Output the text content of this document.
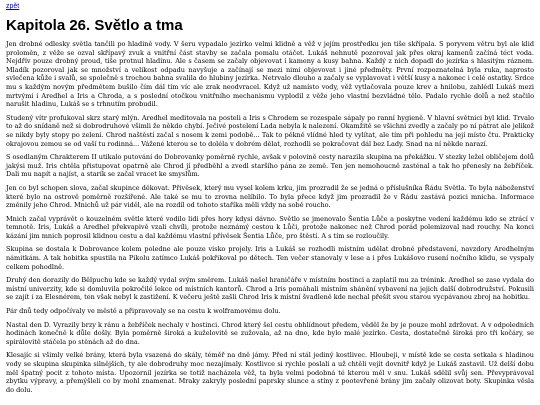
zpět
Kapitola 26. Světlo a tma

Jen drobné odlesky světla tančili po hladině vody. V šeru vypadalo jezírko velmi klidně a věž v jejím prostředku jen tiše skřípala. S poryvem větru byl ale klid proloměn, z věže se ozval skřípavý zvuk a vnitřní část stavby se začala pomalu otáčet. Lukáš nehnutě pozoroval jak přes okraj kamenů začíná téct voda. Nejdřív pouze drobný proud, tiše protnul hladinu. Ale s časem se začaly objevovat i kameny a kusy bahna. Každý z nich dopadl do jezírka s hlasitým ráznem. Mladík pozoroval jak se množství a velikost odpadu navyšuje a začínají se mezi nimi objevovat i jiné předměty. První rozpoznatelná byla ruka, naprosto svlečena kůže i svalů, se společně s trochou bahna svalila do hlubiny jezírka. Netrvalo dlouho a začaly se vyplavovat i větší kusy a nakonec i celé ostatky. Srdce mu s každým novým předmětem bušilo čím dál tím víc ale zrak neodvracel. Když už namísto vody, věž vytlačovala pouze krev a hnilobu, zahlédl Lukáš mezi mrtvými i Aredhel a Iris a Chroda, a s poslední otočkou vnitřního mechanismu vyplodil z věže jeho vlastní bezvládné tělo. Padalo rychle dolů a než stačilo narušit hladinu, Lukáš se s trhnutím probudil.

Studený vítr profukoval skrz starý mlýn. Aredhel meditovala na posteli a Iris s Chrodem se rozespale sápaly po ranní hygieně. V hlavní světnici byl klid. Trvalo to až do snídaně než si dobrodruhové všimli že někdo chybí. Ječivé postelení Lada nebyla k nalezení. Okamžitě se všichni zvedly a začaly po ní pátrat ale jelikož se nikdy byly stopy po zelení. Chrod naštěstí začal s nosem k zemi podobě... Tak to pěkně vlídné hled ty vylítat, ale tím při pohledu na její místo čtu. Prakticky okrajovou zemou se od vaší tu rodinná... Vážené kterou se to doléla v dobrém dělat, rozhodli se pokračovat dál bez Lady. Snad na ní někde narazí.

S osedlaným Chrakterem II utikalo putování do Dobrovanky poměrně rychle, avšak v polovině cesty narazila skupina na překážku. V stezky ležel obličejem dolů jakýsi muž. Iris chtěla přistupovat opatrně ale Chrod jí předběhl a zvedl staršího pána ze země. Ten jen nemohoucně zasténal a tak ho přenesly na žebříček. Dali mu napít a najíst, a starík se začal vracet ke smyslům.

Jen co byl schopen slova, začal skupince děkovat. Přivěsek, který mu vysel kolem krku, jim prozradil že se jedná o příslušníka Řádu Světla. To byla náboženství které bylo na ostrově poměrně rozšířené. Ale také se mu to zrovna nelíbilo. To byla přece když jim prozradil že v Řádu zastává pozici mnicha. Informace změnily jeho Chrod. Mnichů už pár viděl, ale na rozdíl od tohoto staříka měli vždy na sobě roucho.

Mnich začal vyprávět o kouzelném světle které vodilo lidi přes hory kdysi dávno. Světlo se jmenovalo Šentia Lůče a poskytne vedení každému kdo se ztrácí v temnotě. Iris, Lukáš a Aredhel překvapivě vzali chvíli, protože neznámý cestou k Lůči, protože nakonec než Chrod porád polemizoval nad rouchy. Na konci kázání jim mnich poprosil klidnou cestu a dal každému vlastní přívěsek Šentia Lůče, pro štěstí. A s tím se rozloučily.

Skupina se dostala k Dobrovance kolem poledne ale pouze visko projely. Iris a Lukáš se rozhodli místním udělat drobné představení, navzdory Aredhelným námitkám. A tak hobitka spustila na Pikolu zatímco Lukáš pokřikoval po dětech. Ten večer stanovaly v lese a i přes Lukášovo rusení nočního klidu, se vyspaly celkem pohodlně.

Druhý den dorazily do Bělpuchu kde se každý vydal svým směrem. Lukáš našel hraničáře v místním hostinci a zaplatil mu za trénink. Aredhel se zase vydala do místní univerzity, kde si domluvila pokročilé lekce od místních kantorů. Chrod a Iris pomáhali místním shánění vybavení na jejich další dobrodružství. Pokusili se zajít i za Elesnérem, ten však nebyl k zastižení. K večeru ještě zašli Chrod Iris k místní švadleně kde nechal přešít svou starou vycpávanou zbroj na hobitku.

Pár dnů tedy odpočívaly ve městě a připravovaly se na cestu k wolframovému dolu.

Nastal den D. Vyrazily brzy k ránu a žebříček nechaly v hostinci. Chrod který šel cestu obhlídnout předem, věděl že by je pouze mohl zdržovat. A v odpoledních hodinách konečně k důle došly. Byla poměrně široká a kuželovitě se zužovala, až na dno, kde bylo malé jezírko. Cesta, dostatečně široká pro tři kočáry, se spirálovitě stáčela po stěnách až do dna.

Klesajíc si všimly velké brány, která byla vsazená do skály, téměř na dně jámy. Před ní stál jediný kostlivec. Hloubeji, v místě kde se cesta setkala s hladinou vody se skupina skupinka silnějších, ty ale dobrodruhy moc nezajímaly. Kostlivce si rychle poslali a už chtěli vejít dovnitř když je Lukáš zastavil. Už delší dobu měl špatný pocit z tohoto místa. Upozornil jezírka se totiž nacházela věž, ta byla velmi podobná té kterou měl v snu. Lukáš sdělil svůj sen. Převyprávoval zbytku výpravy, a přemýšleli co by mohl znamenat. Mraky zakryly poslední paprsky slunce a stíny z pootevřené brány jim začaly olizovat boty. Skupinka věsla do dolu.
